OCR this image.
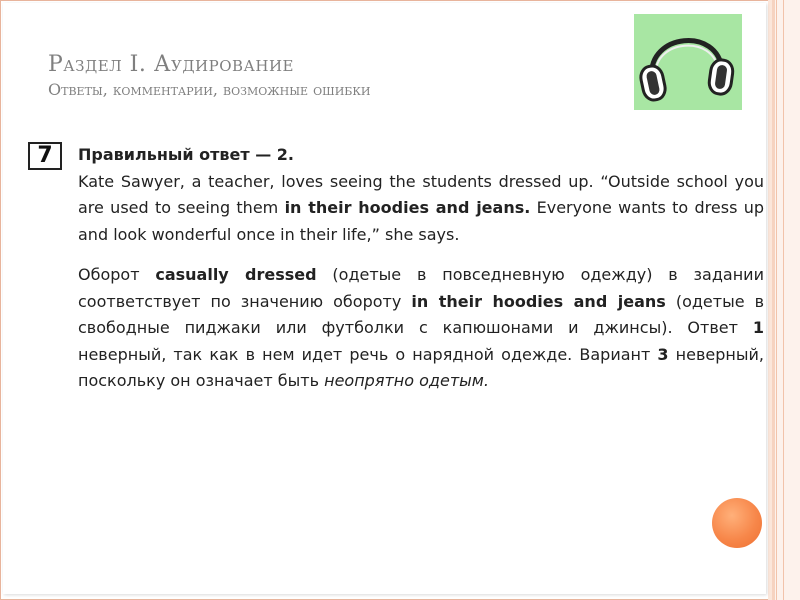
Раздел I. Аудирование
Ответы, комментарии, возможные ошибки
7	Правильный ответ — 2.

Kate Sawyer, a teacher, loves seeing the students dressed up. “Outside school you are used to seeing them in their hoodies and jeans. Everyone wants to dress up and look wonderful once in their life,” she says.

Оборот casually dressed (одетые в повседневную одежду) в задании соответствует по значению обороту in their hoodies and jeans (одетые в свободные пиджаки или футболки с капюшонами и джинсы). Ответ 1 неверный, так как в нем идет речь о нарядной одежде. Вариант 3 неверный, поскольку он означает быть неопрятно одетым.
